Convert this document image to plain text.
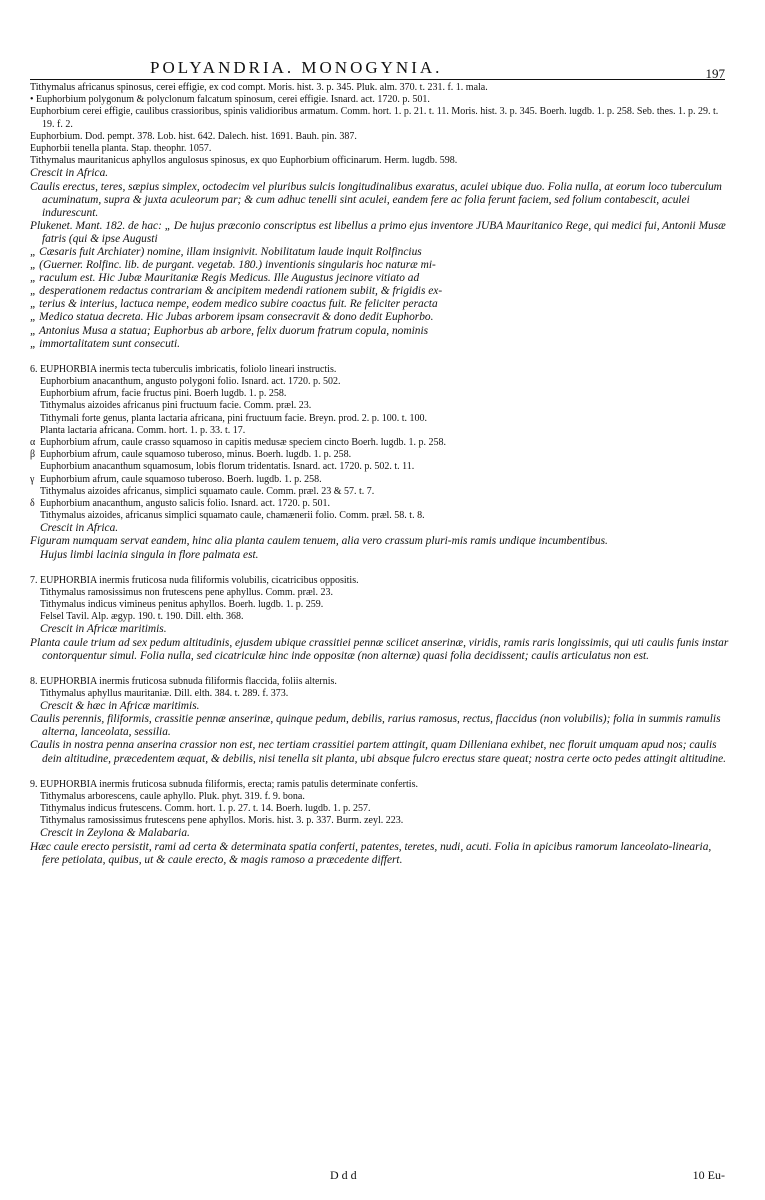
POLYANDRIA. MONOGYNIA.	197

Tithymalus africanus spinosus, cerei effigie, ex cod compt. Moris. hist. 3. p. 345. Pluk. alm. 370. t. 231. f. 1. mala.

• Euphorbium polygonum & polyclonum falcatum spinosum, cerei effigie. Isnard. act. 1720. p. 501.

Euphorbium cerei effigie, caulibus crassioribus, spinis validioribus armatum. Comm. hort. 1. p. 21. t. 11. Moris. hist. 3. p. 345. Boerh. lugdb. 1. p. 258. Seb. thes. 1. p. 29. t. 19. f. 2.

Euphorbium. Dod. pempt. 378. Lob. hist. 642. Dalech. hist. 1691. Bauh. pin. 387.

Euphorbii tenella planta. Stap. theophr. 1057.

Tithymalus mauritanicus aphyllos angulosus spinosus, ex quo Euphorbium officinarum. Herm. lugdb. 598.

Crescit in Africa.

Caulis erectus, teres, sæpius simplex, octodecim vel pluribus sulcis longitudinalibus exaratus, aculei ubique duo. Folia nulla, at eorum loco tuberculum acuminatum, supra & juxta aculeorum par; & cum adhuc tenelli sint aculei, eandem fere ac folia ferunt faciem, sed folium contabescit, aculei indurescunt.

Plukenet. Mant. 182. de hac: „ De hujus præconio conscriptus est libellus a primo ejus inventore JUBA Mauritanico Rege, qui medici fui, Antonii Musæ fatris (qui & ipse Augusti

„ Cæsaris fuit Archiater) nomine, illam insignivit. Nobilitatum laude inquit Rolfincius

„ (Guerner. Rolfinc. lib. de purgant. vegetab. 180.) inventionis singularis hoc naturæ mi-

„ raculum est. Hic Jubæ Mauritaniæ Regis Medicus. Ille Augustus jecinore vitiato ad

„ desperationem redactus contrariam & ancipitem medendi rationem subiit, & frigidis ex-

„ terius & interius, lactuca nempe, eodem medico subire coactus fuit. Re feliciter peracta

„ Medico statua decreta. Hic Jubas arborem ipsam consecravit & dono dedit Euphorbo.

„ Antonius Musa a statua; Euphorbus ab arbore, felix duorum fratrum copula, nominis

„ immortalitatem sunt consecuti.

6. EUPHORBIA inermis tecta tuberculis imbricatis, foliolo lineari instructis.

Euphorbium anacanthum, angusto polygoni folio. Isnard. act. 1720. p. 502.

Euphorbium afrum, facie fructus pini. Boerh lugdb. 1. p. 258.

Tithymalus aizoides africanus pini fructuum facie. Comm. præl. 23.

Tithymali forte genus, planta lactaria africana, pini fructuum facie. Breyn. prod. 2. p. 100. t. 100.

Planta lactaria africana. Comm. hort. 1. p. 33. t. 17.

α Euphorbium afrum, caule crasso squamoso in capitis medusæ speciem cincto Boerh. lugdb. 1. p. 258.

β Euphorbium afrum, caule squamoso tuberoso, minus. Boerh. lugdb. 1. p. 258.

Euphorbium anacanthum squamosum, lobis florum tridentatis. Isnard. act. 1720. p. 502. t. 11.

γ Euphorbium afrum, caule squamoso tuberoso. Boerh. lugdb. 1. p. 258.

Tithymalus aizoides africanus, simplici squamato caule. Comm. præl. 23 & 57. t. 7.

δ Euphorbium anacanthum, angusto salicis folio. Isnard. act. 1720. p. 501.

Tithymalus aizoides, africanus simplici squamato caule, chamænerii folio. Comm. præl. 58. t. 8.

Crescit in Africa.

Figuram numquam servat eandem, hinc alia planta caulem tenuem, alia vero crassum pluri-mis ramis undique incumbentibus.

Hujus limbi lacinia singula in flore palmata est.

7. EUPHORBIA inermis fruticosa nuda filiformis volubilis, cicatricibus oppositis.

Tithymalus ramosissimus non frutescens pene aphyllus. Comm. præl. 23.

Tithymalus indicus vimineus penitus aphyllos. Boerh. lugdb. 1. p. 259.

Felsel Tavil. Alp. ægyp. 190. t. 190. Dill. elth. 368.

Crescit in Africæ maritimis.

Planta caule trium ad sex pedum altitudinis, ejusdem ubique crassitiei pennæ scilicet anserinæ, viridis, ramis raris longissimis, qui uti caulis funis instar contorquentur simul. Folia nulla, sed cicatriculæ hinc inde oppositæ (non alternæ) quasi folia decidissent; caulis articulatus non est.

8. EUPHORBIA inermis fruticosa subnuda filiformis flaccida, foliis alternis.

Tithymalus aphyllus mauritaniæ. Dill. elth. 384. t. 289. f. 373.

Crescit & hæc in Africæ maritimis.

Caulis perennis, filiformis, crassitie pennæ anserinæ, quinque pedum, debilis, rarius ramosus, rectus, flaccidus (non volubilis); folia in summis ramulis alterna, lanceolata, sessilia.

Caulis in nostra penna anserina crassior non est, nec tertiam crassitiei partem attingit, quam Dilleniana exhibet, nec floruit umquam apud nos; caulis dein altitudine, præcedentem æquat, & debilis, nisi tenella sit planta, ubi absque fulcro erectus stare queat; nostra certe octo pedes attingit altitudine.

9. EUPHORBIA inermis fruticosa subnuda filiformis, erecta; ramis patulis determinate confertis.

Tithymalus arborescens, caule aphyllo. Pluk. phyt. 319. f. 9. bona.

Tithymalus indicus frutescens. Comm. hort. 1. p. 27. t. 14. Boerh. lugdb. 1. p. 257.

Tithymalus ramosissimus frutescens pene aphyllos. Moris. hist. 3. p. 337. Burm. zeyl. 223.

Crescit in Zeylona & Malabaria.

Hæc caule erecto persistit, rami ad certa & determinata spatia conferti, patentes, teretes, nudi, acuti. Folia in apicibus ramorum lanceolato-linearia, fere petiolata, quibus, ut & caule erecto, & magis ramoso a præcedente differt.

Ddd	10 Eu-
